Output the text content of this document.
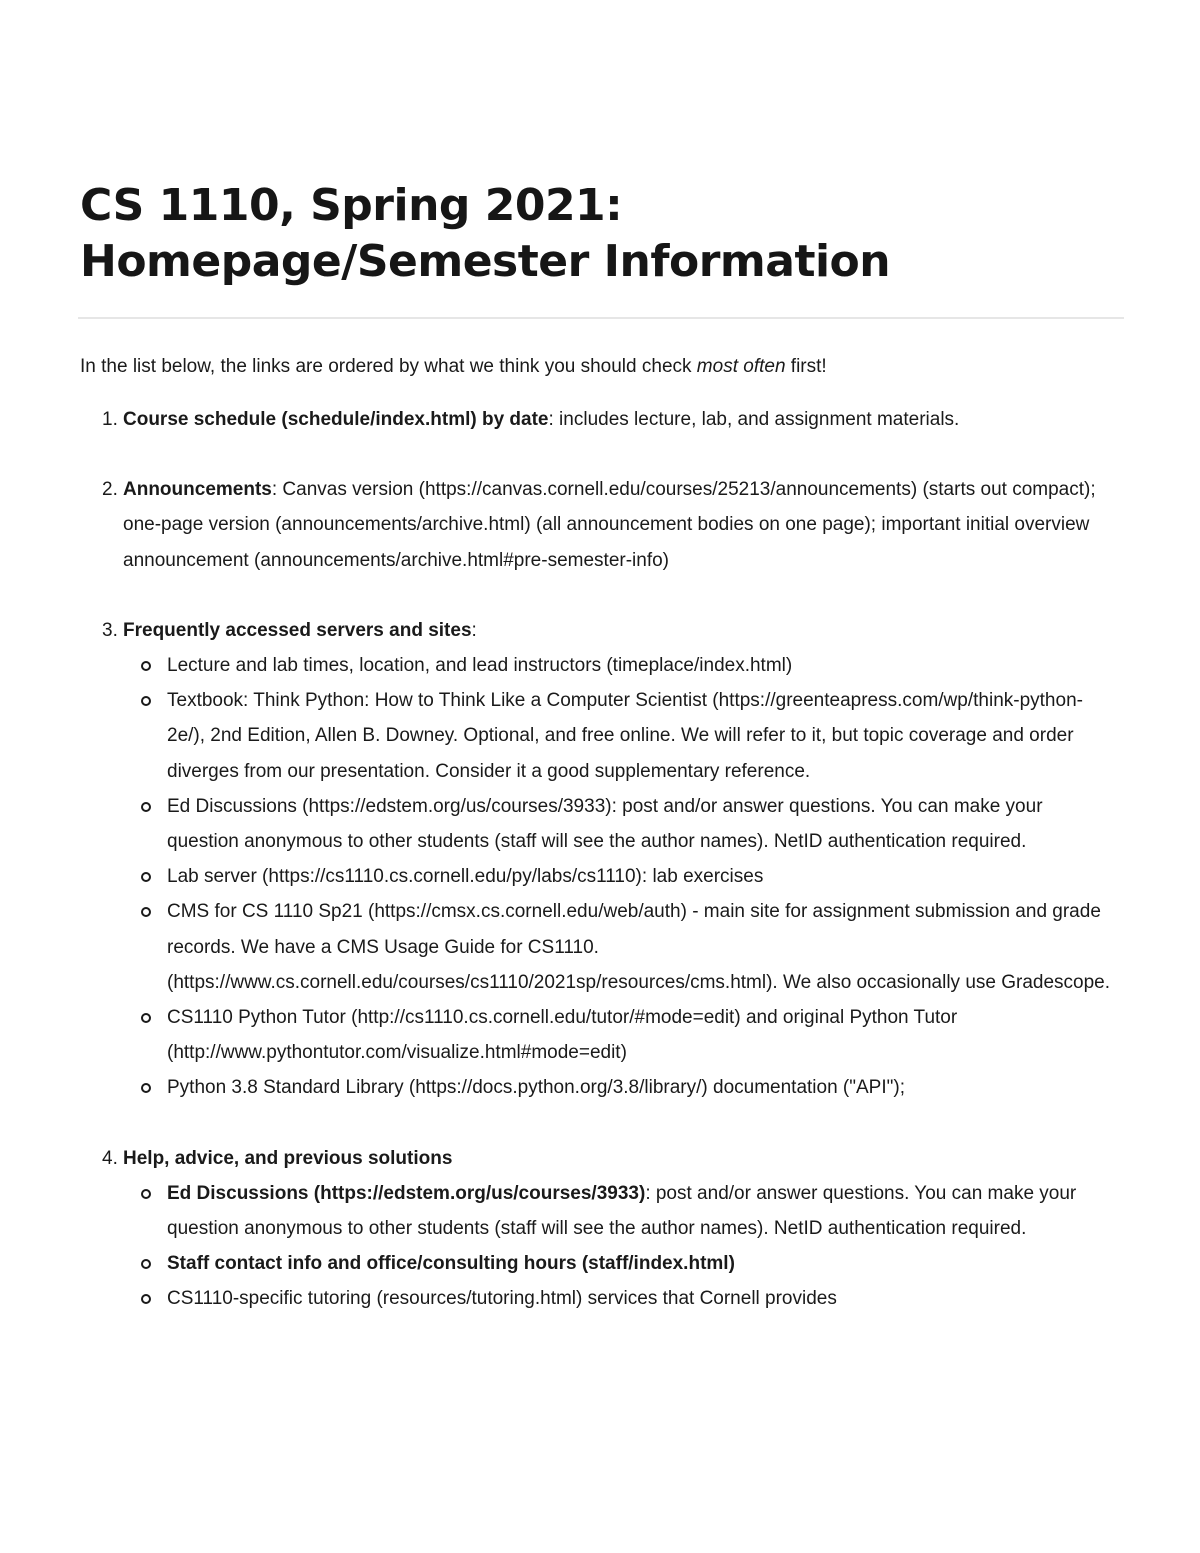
CS 1110, Spring 2021: Homepage/Semester Information

In the list below, the links are ordered by what we think you should check most often first!

1. Course schedule (schedule/index.html) by date: includes lecture, lab, and assignment materials.
2. Announcements: Canvas version (https://canvas.cornell.edu/courses/25213/announcements) (starts out compact); one-page version (announcements/archive.html) (all announcement bodies on one page); important initial overview announcement (announcements/archive.html#pre-semester-info)
3. Frequently accessed servers and sites:
Lecture and lab times, location, and lead instructors (timeplace/index.html)
Textbook: Think Python: How to Think Like a Computer Scientist (https://greenteapress.com/wp/think-python-2e/), 2nd Edition, Allen B. Downey. Optional, and free online. We will refer to it, but topic coverage and order diverges from our presentation. Consider it a good supplementary reference.
Ed Discussions (https://edstem.org/us/courses/3933): post and/or answer questions. You can make your question anonymous to other students (staff will see the author names). NetID authentication required.
Lab server (https://cs1110.cs.cornell.edu/py/labs/cs1110): lab exercises
CMS for CS 1110 Sp21 (https://cmsx.cs.cornell.edu/web/auth) - main site for assignment submission and grade records. We have a CMS Usage Guide for CS1110. (https://www.cs.cornell.edu/courses/cs1110/2021sp/resources/cms.html). We also occasionally use Gradescope.
CS1110 Python Tutor (http://cs1110.cs.cornell.edu/tutor/#mode=edit) and original Python Tutor (http://www.pythontutor.com/visualize.html#mode=edit)
Python 3.8 Standard Library (https://docs.python.org/3.8/library/) documentation ("API");
4. Help, advice, and previous solutions
Ed Discussions (https://edstem.org/us/courses/3933): post and/or answer questions. You can make your question anonymous to other students (staff will see the author names). NetID authentication required.
Staff contact info and office/consulting hours (staff/index.html)
CS1110-specific tutoring (resources/tutoring.html) services that Cornell provides
